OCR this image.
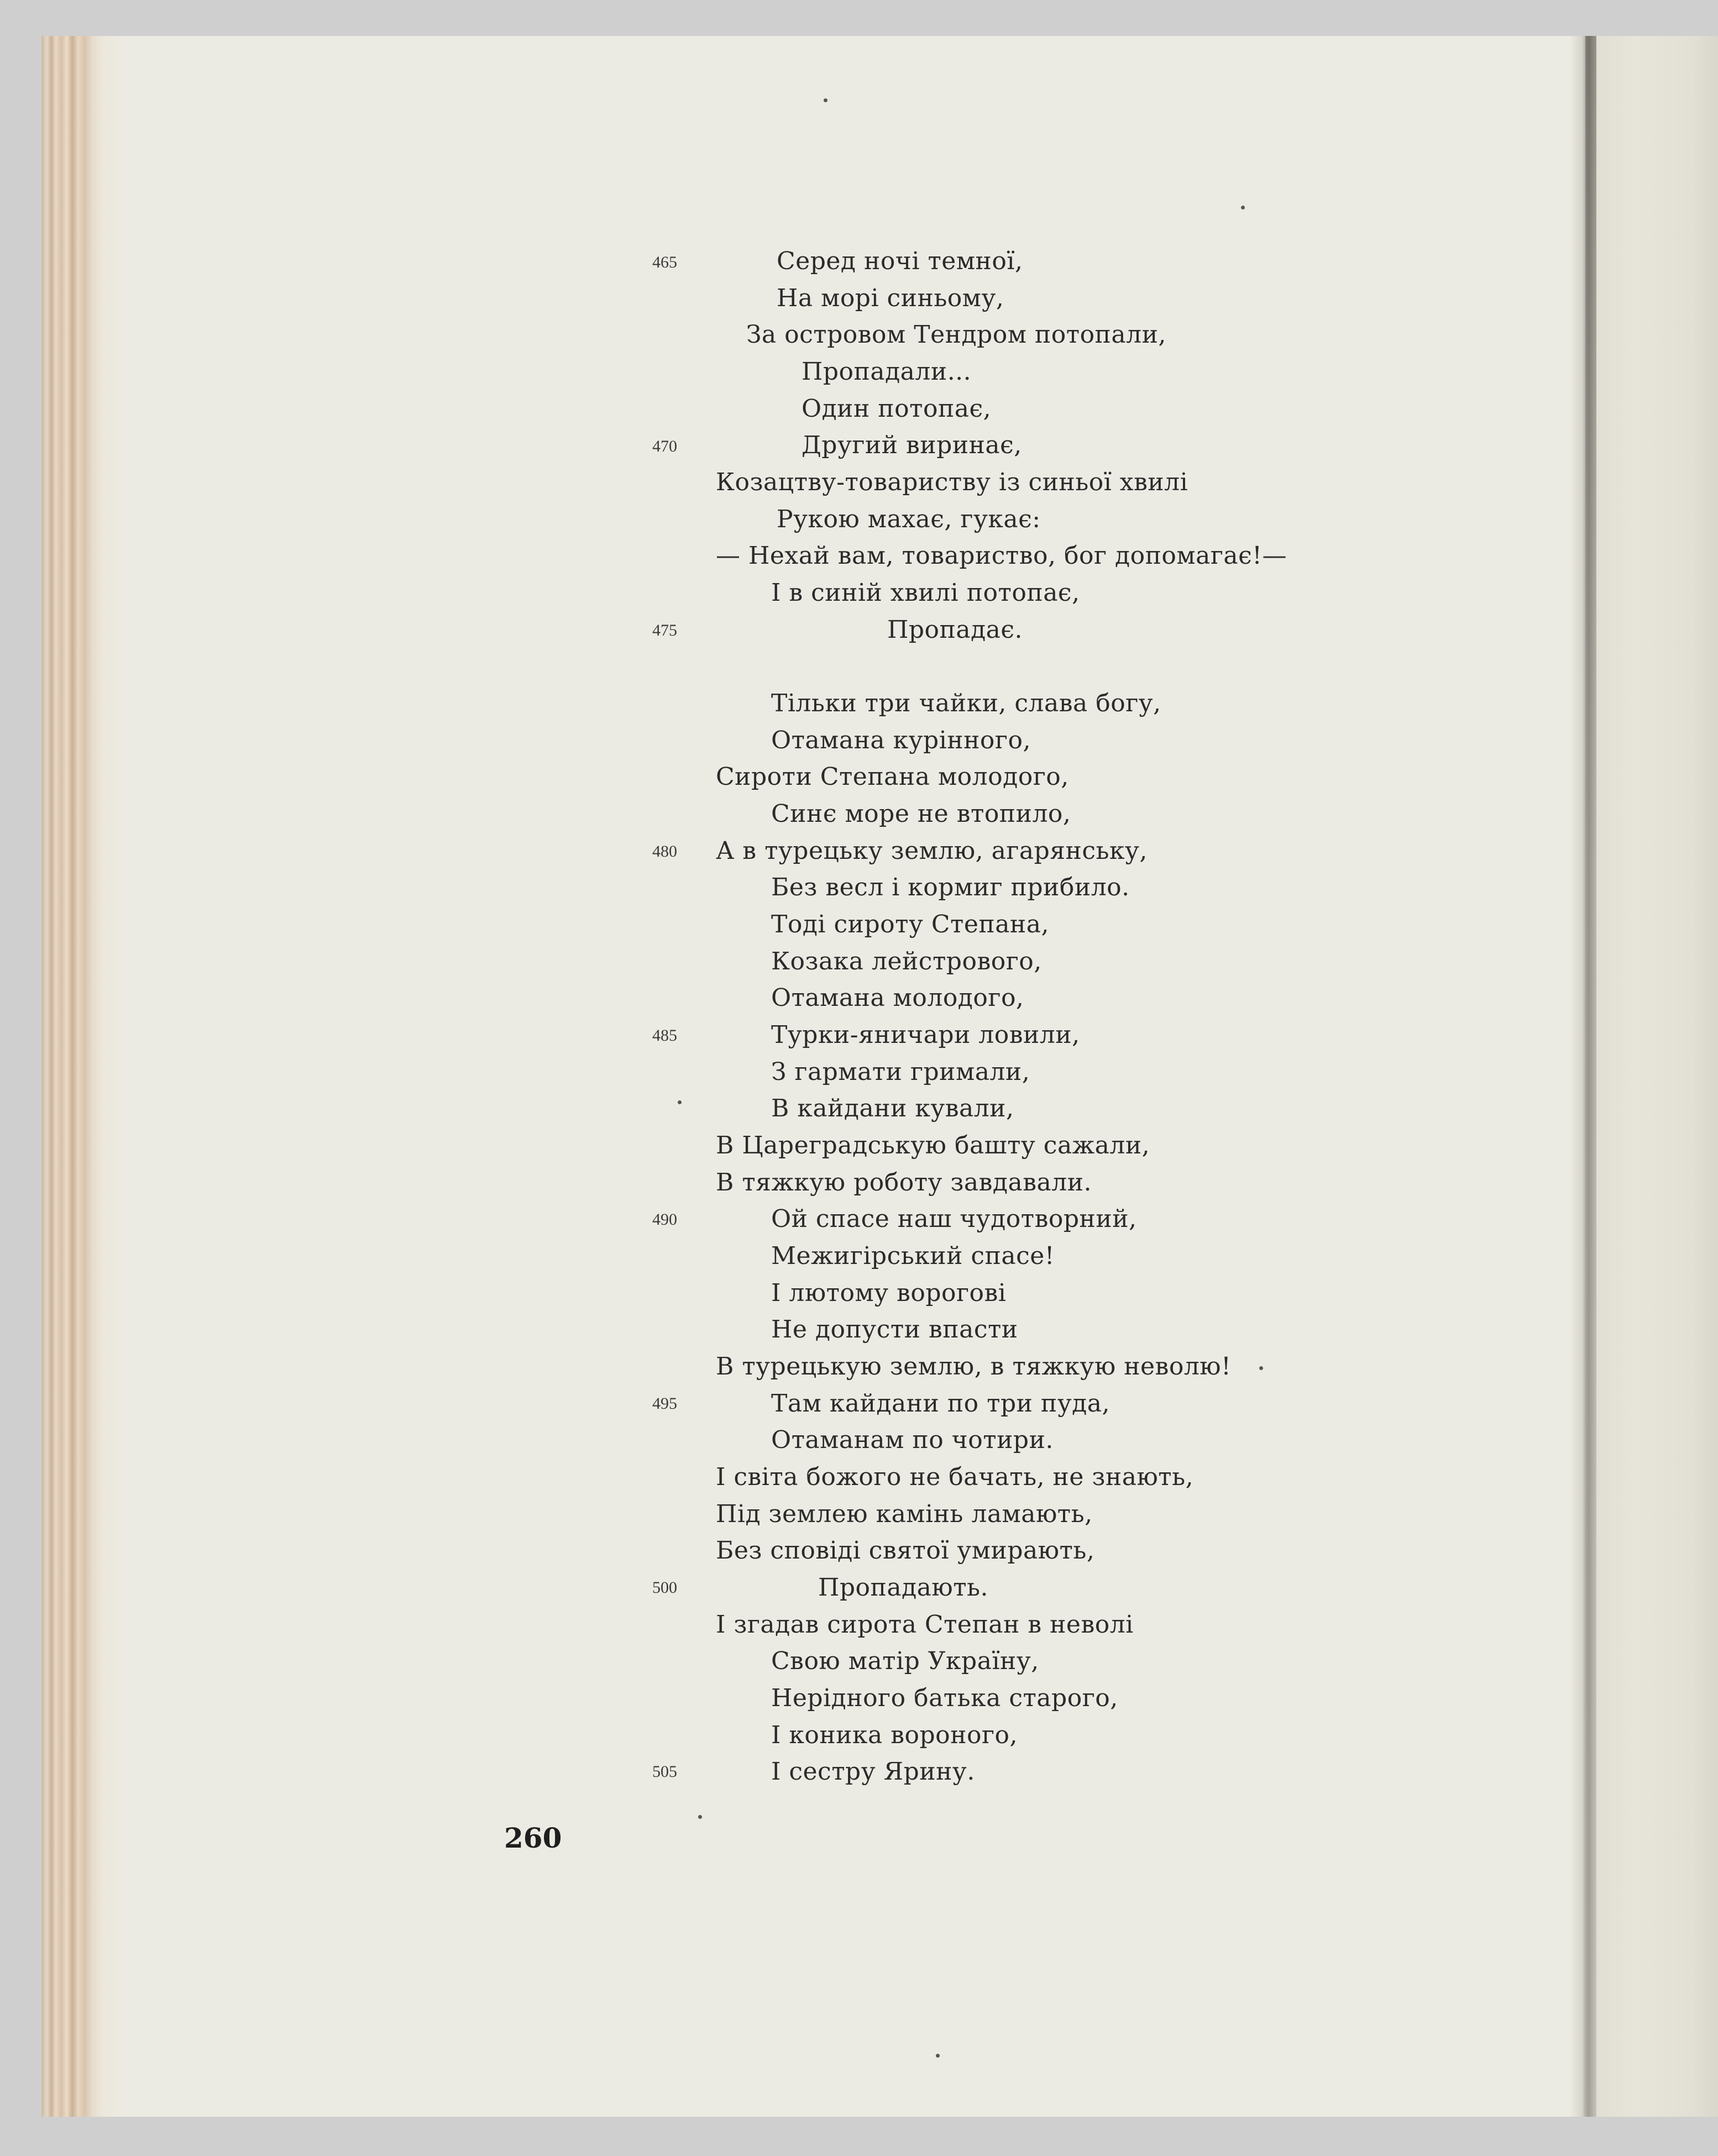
465
470
475
480
485
490
495
500
505
Серед ночі темної,
На морі синьому,
За островом Тендром потопали,
Пропадали...
Один потопає,
Другий виринає,
Козацтву-товариству із синьої хвилі
Рукою махає, гукає:
— Нехай вам, товариство, бог допомагає!—
І в синій хвилі потопає,
Пропадає.
Тільки три чайки, слава богу,
Отамана курінного,
Сироти Степана молодого,
Синє море не втопило,
А в турецьку землю, агарянську,
Без весл і кормиг прибило.
Тоді сироту Степана,
Козака лейстрового,
Отамана молодого,
Турки-яничари ловили,
З гармати гримали,
В кайдани кували,
В Цареградськую башту сажали,
В тяжкую роботу завдавали.
Ой спасе наш чудотворний,
Межигірський спасе!
І лютому ворогові
Не допусти впасти
В турецькую землю, в тяжкую неволю!
Там кайдани по три пуда,
Отаманам по чотири.
І світа божого не бачать, не знають,
Під землею камінь ламають,
Без сповіді святої умирають,
Пропадають.
І згадав сирота Степан в неволі
Свою матір Україну,
Нерідного батька старого,
І коника вороного,
І сестру Ярину.
260
